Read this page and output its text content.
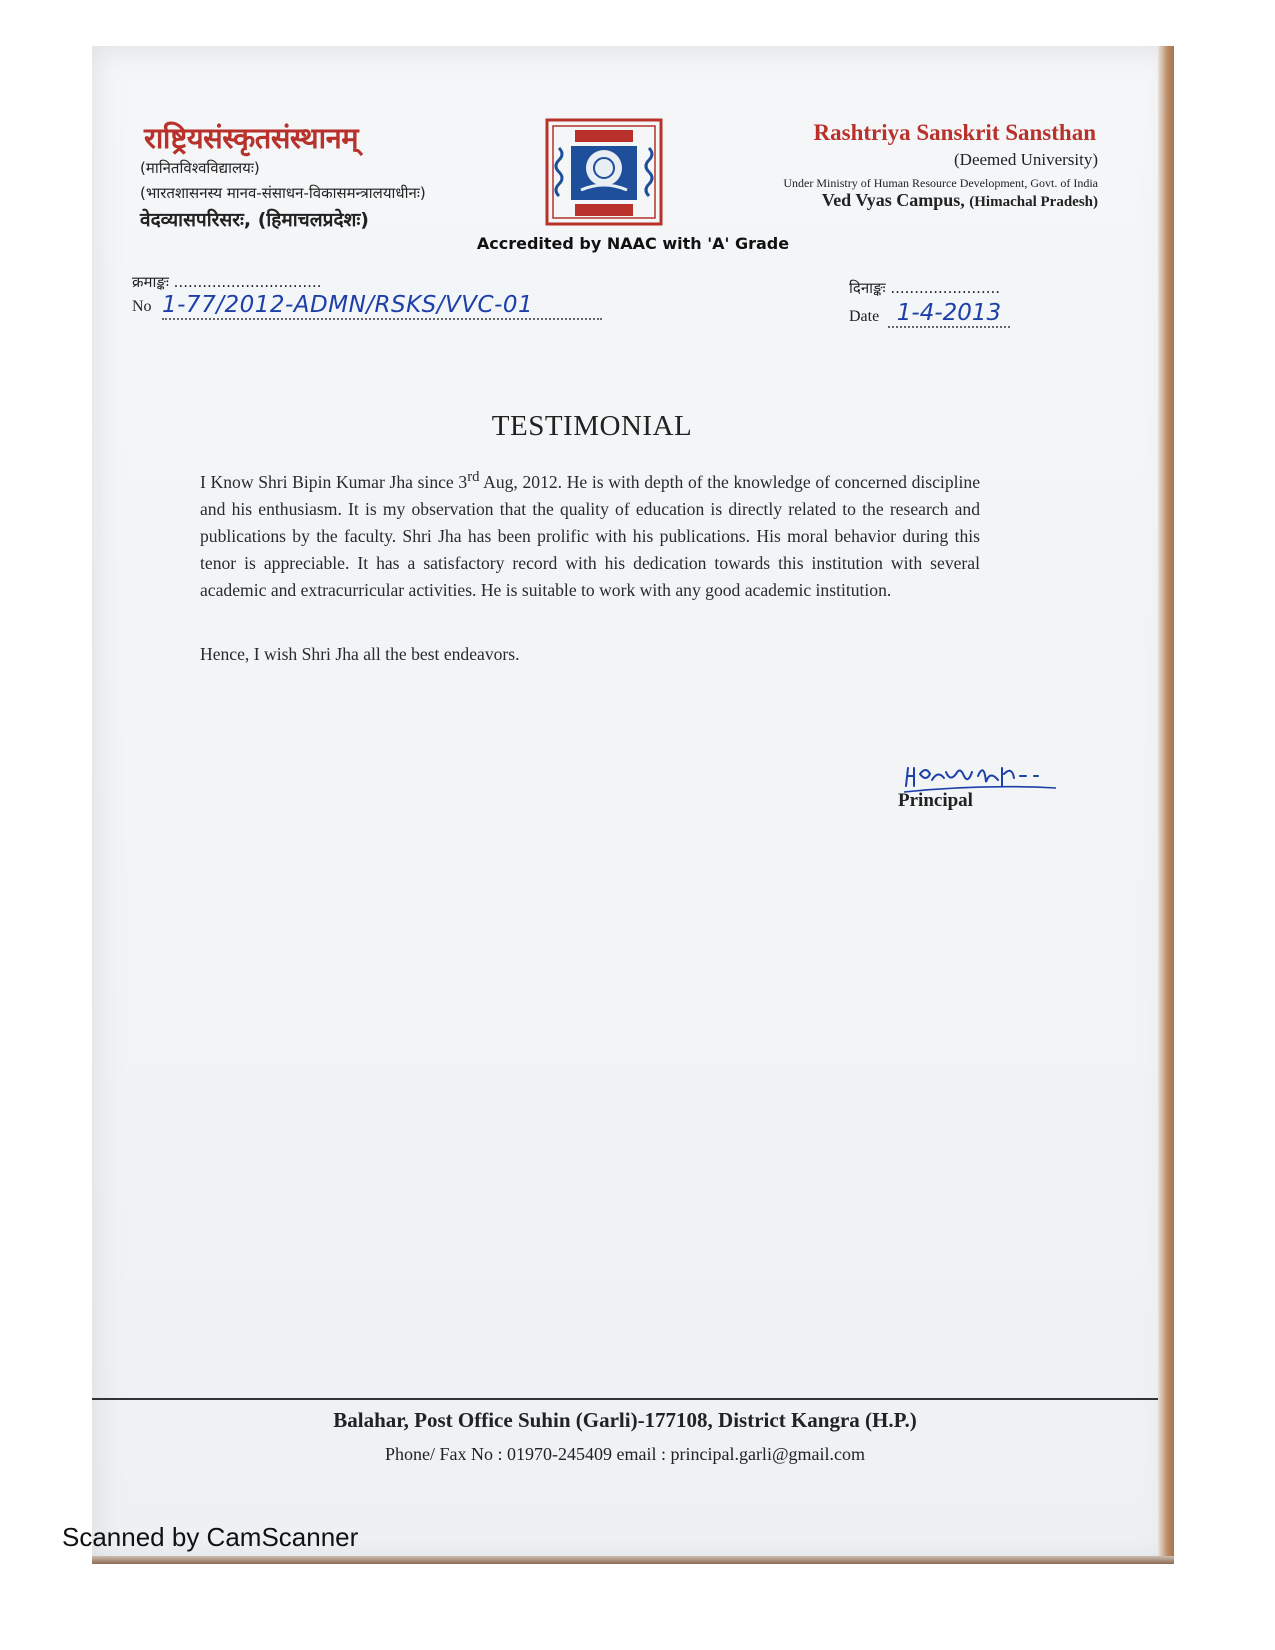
राष्ट्रियसंस्कृतसंस्थानम्
(मानितविश्वविद्यालयः)
(भारतशासनस्य मानव-संसाधन-विकासमन्त्रालयाधीनः)
वेदव्यासपरिसरः, (हिमाचलप्रदेशः)
Rashtriya Sanskrit Sansthan
(Deemed University)
Under Ministry of Human Resource Development, Govt. of India
Ved Vyas Campus, (Himachal Pradesh)
Accredited by NAAC with 'A' Grade
क्रमाङ्कः ...............................
No 1-77/2012-ADMN/RSKS/VVC-01
दिनाङ्कः .......................
Date 1-4-2013
TESTIMONIAL
I Know Shri Bipin Kumar Jha since 3rd Aug, 2012. He is with depth of the knowledge of concerned discipline and his enthusiasm. It is my observation that the quality of education is directly related to the research and publications by the faculty. Shri Jha has been prolific with his publications. His moral behavior during this tenor is appreciable. It has a satisfactory record with his dedication towards this institution with several academic and extracurricular activities. He is suitable to work with any good academic institution.
Hence, I wish Shri Jha all the best endeavors.
Principal
Balahar, Post Office Suhin (Garli)-177108, District Kangra (H.P.)
Phone/ Fax No : 01970-245409 email : principal.garli@gmail.com
Scanned by CamScanner
